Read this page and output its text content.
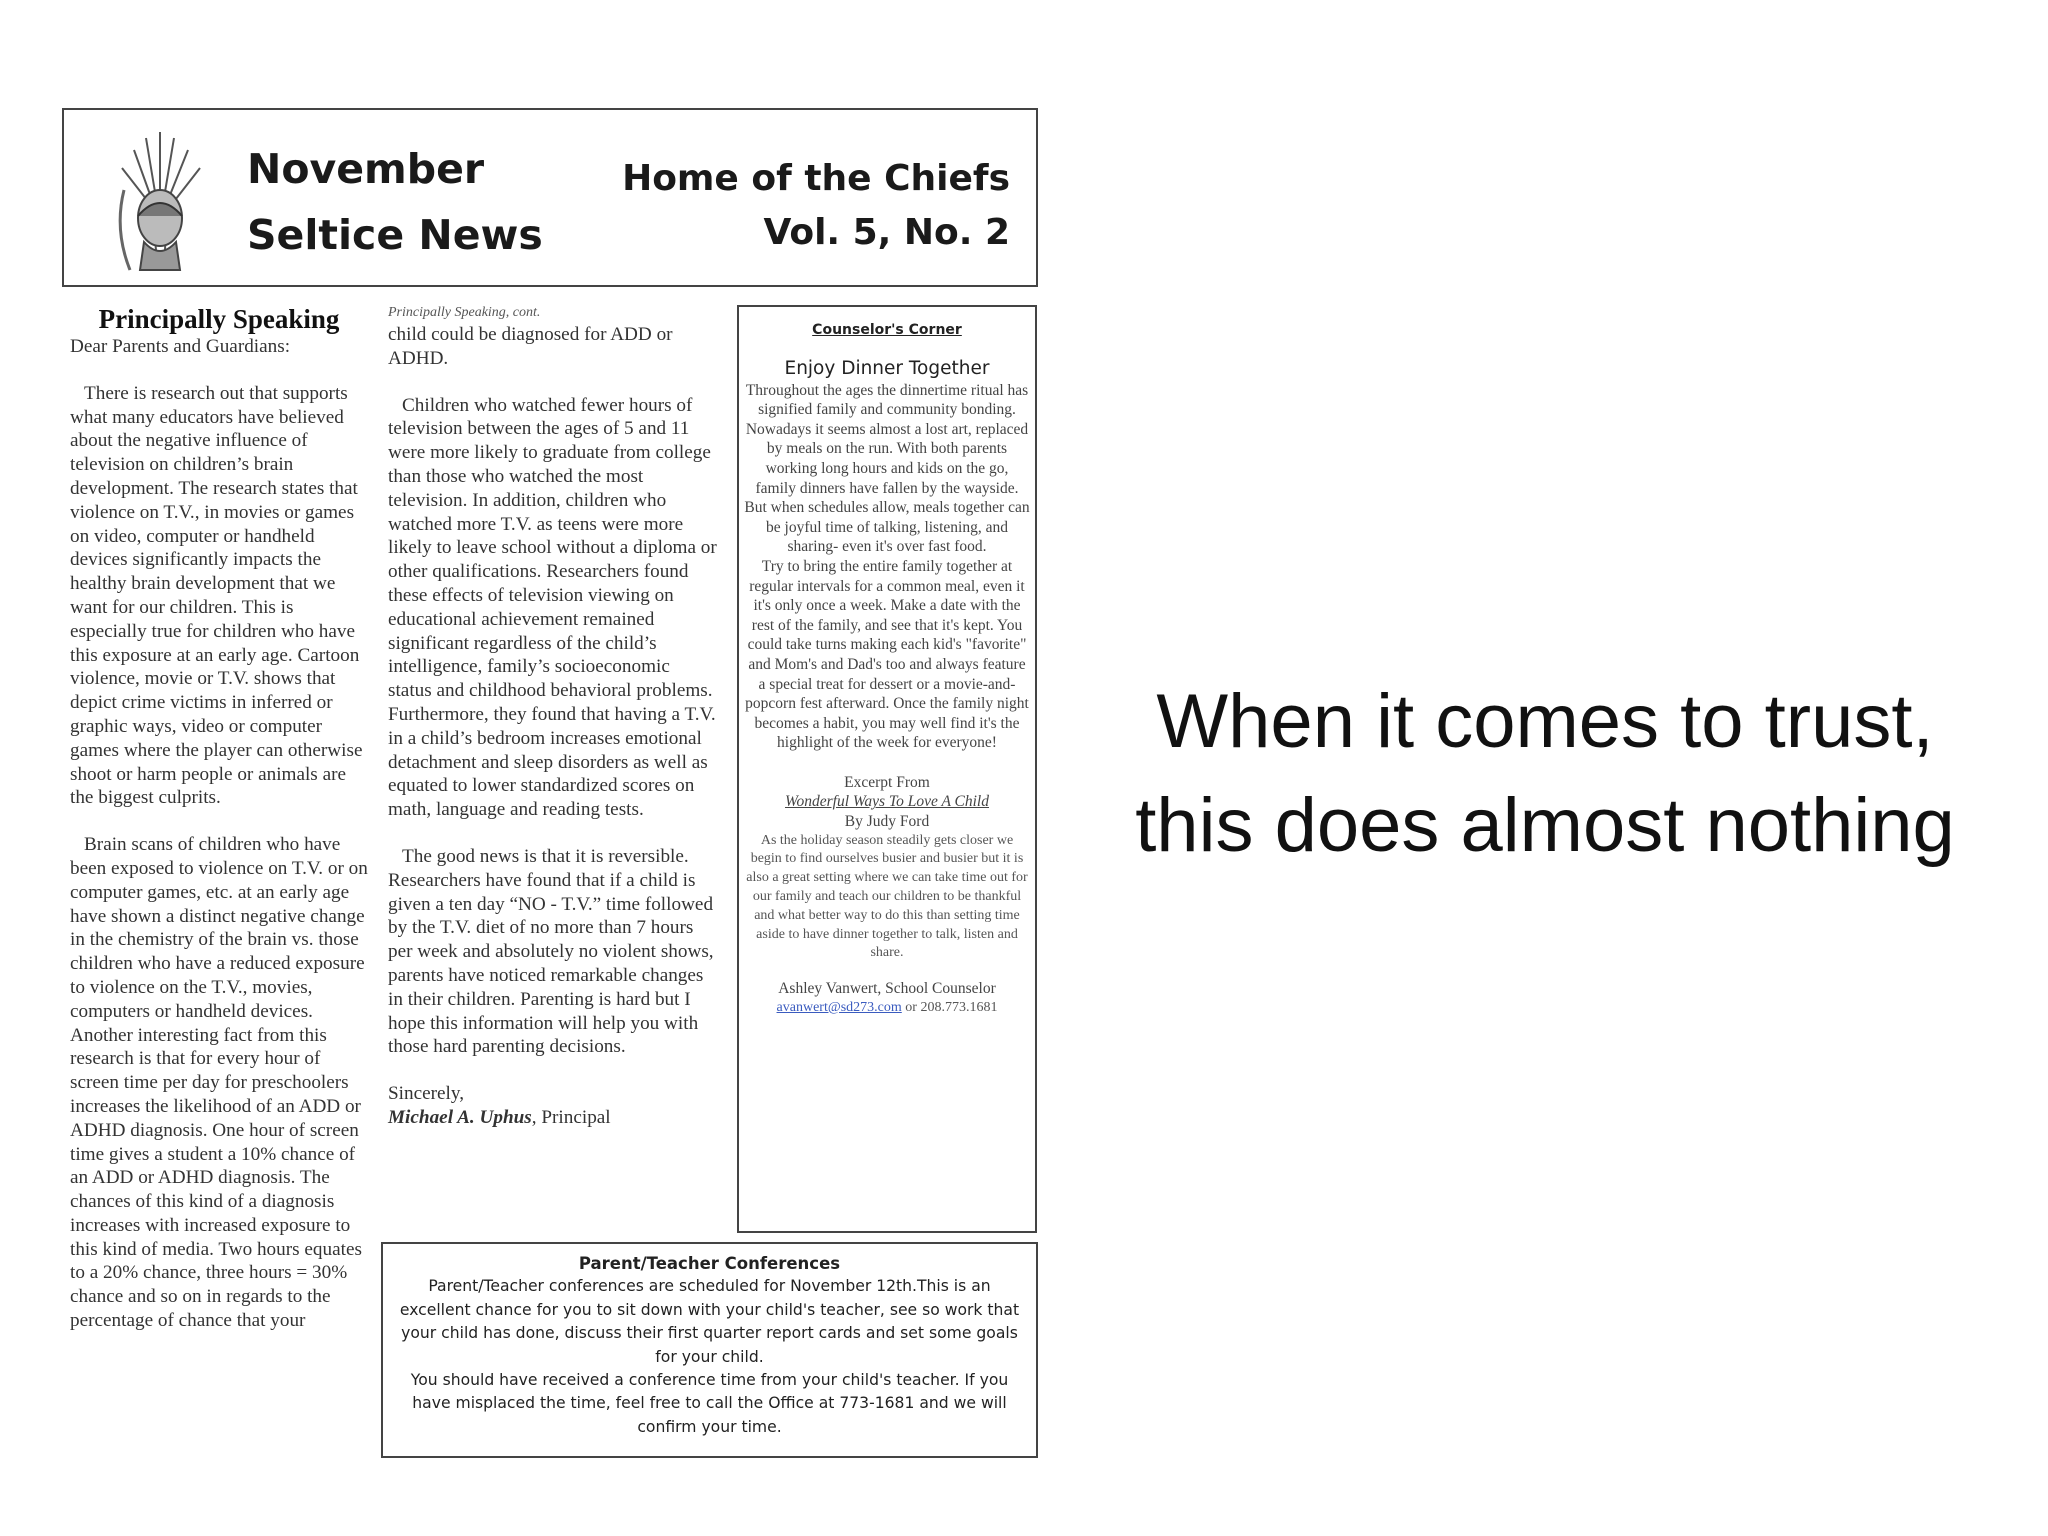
November
Seltice News
Home of the Chiefs
Vol. 5, No. 2
Principally Speaking

Dear Parents and Guardians:

There is research out that supports what many educators have believed about the negative influence of television on children’s brain development. The research states that violence on T.V., in movies or games on video, computer or handheld devices significantly impacts the healthy brain development that we want for our children. This is especially true for children who have this exposure at an early age. Cartoon violence, movie or T.V. shows that depict crime victims in inferred or graphic ways, video or computer games where the player can otherwise shoot or harm people or animals are the biggest culprits.

Brain scans of children who have been exposed to violence on T.V. or on computer games, etc. at an early age have shown a distinct negative change in the chemistry of the brain vs. those children who have a reduced exposure to violence on the T.V., movies, computers or handheld devices. Another interesting fact from this research is that for every hour of screen time per day for preschoolers increases the likelihood of an ADD or ADHD diagnosis. One hour of screen time gives a student a 10% chance of an ADD or ADHD diagnosis. The chances of this kind of a diagnosis increases with increased exposure to this kind of media. Two hours equates to a 20% chance, three hours = 30% chance and so on in regards to the percentage of chance that your

Principally Speaking, cont.

child could be diagnosed for ADD or ADHD.

Children who watched fewer hours of television between the ages of 5 and 11 were more likely to graduate from college than those who watched the most television. In addition, children who watched more T.V. as teens were more likely to leave school without a diploma or other qualifications. Researchers found these effects of television viewing on educational achievement remained significant regardless of the child’s intelligence, family’s socioeconomic status and childhood behavioral problems. Furthermore, they found that having a T.V. in a child’s bedroom increases emotional detachment and sleep disorders as well as equated to lower standardized scores on math, language and reading tests.

The good news is that it is reversible. Researchers have found that if a child is given a ten day “NO - T.V.” time followed by the T.V. diet of no more than 7 hours per week and absolutely no violent shows, parents have noticed remarkable changes in their children. Parenting is hard but I hope this information will help you with those hard parenting decisions.

Sincerely,

Michael A. Uphus, Principal

Counselor's Corner
Enjoy Dinner Together

Throughout the ages the dinnertime ritual has signified family and community bonding. Nowadays it seems almost a lost art, replaced by meals on the run. With both parents working long hours and kids on the go, family dinners have fallen by the wayside. But when schedules allow, meals together can be joyful time of talking, listening, and sharing- even it's over fast food.

Try to bring the entire family together at regular intervals for a common meal, even it it's only once a week. Make a date with the rest of the family, and see that it's kept. You could take turns making each kid's "favorite" and Mom's and Dad's too and always feature a special treat for dessert or a movie-and-popcorn fest afterward. Once the family night becomes a habit, you may well find it's the highlight of the week for everyone!

Excerpt From

Wonderful Ways To Love A Child

By Judy Ford

As the holiday season steadily gets closer we begin to find ourselves busier and busier but it is also a great setting where we can take time out for our family and teach our children to be thankful and what better way to do this than setting time aside to have dinner together to talk, listen and share.

Ashley Vanwert, School Counselor

avanwert@sd273.com or 208.773.1681

Parent/Teacher Conferences

Parent/Teacher conferences are scheduled for November 12th.This is an excellent chance for you to sit down with your child's teacher, see so work that your child has done, discuss their first quarter report cards and set some goals for your child.

You should have received a conference time from your child's teacher. If you have misplaced the time, feel free to call the Office at 773-1681 and we will confirm your time.

When it comes to trust,
this does almost nothing
